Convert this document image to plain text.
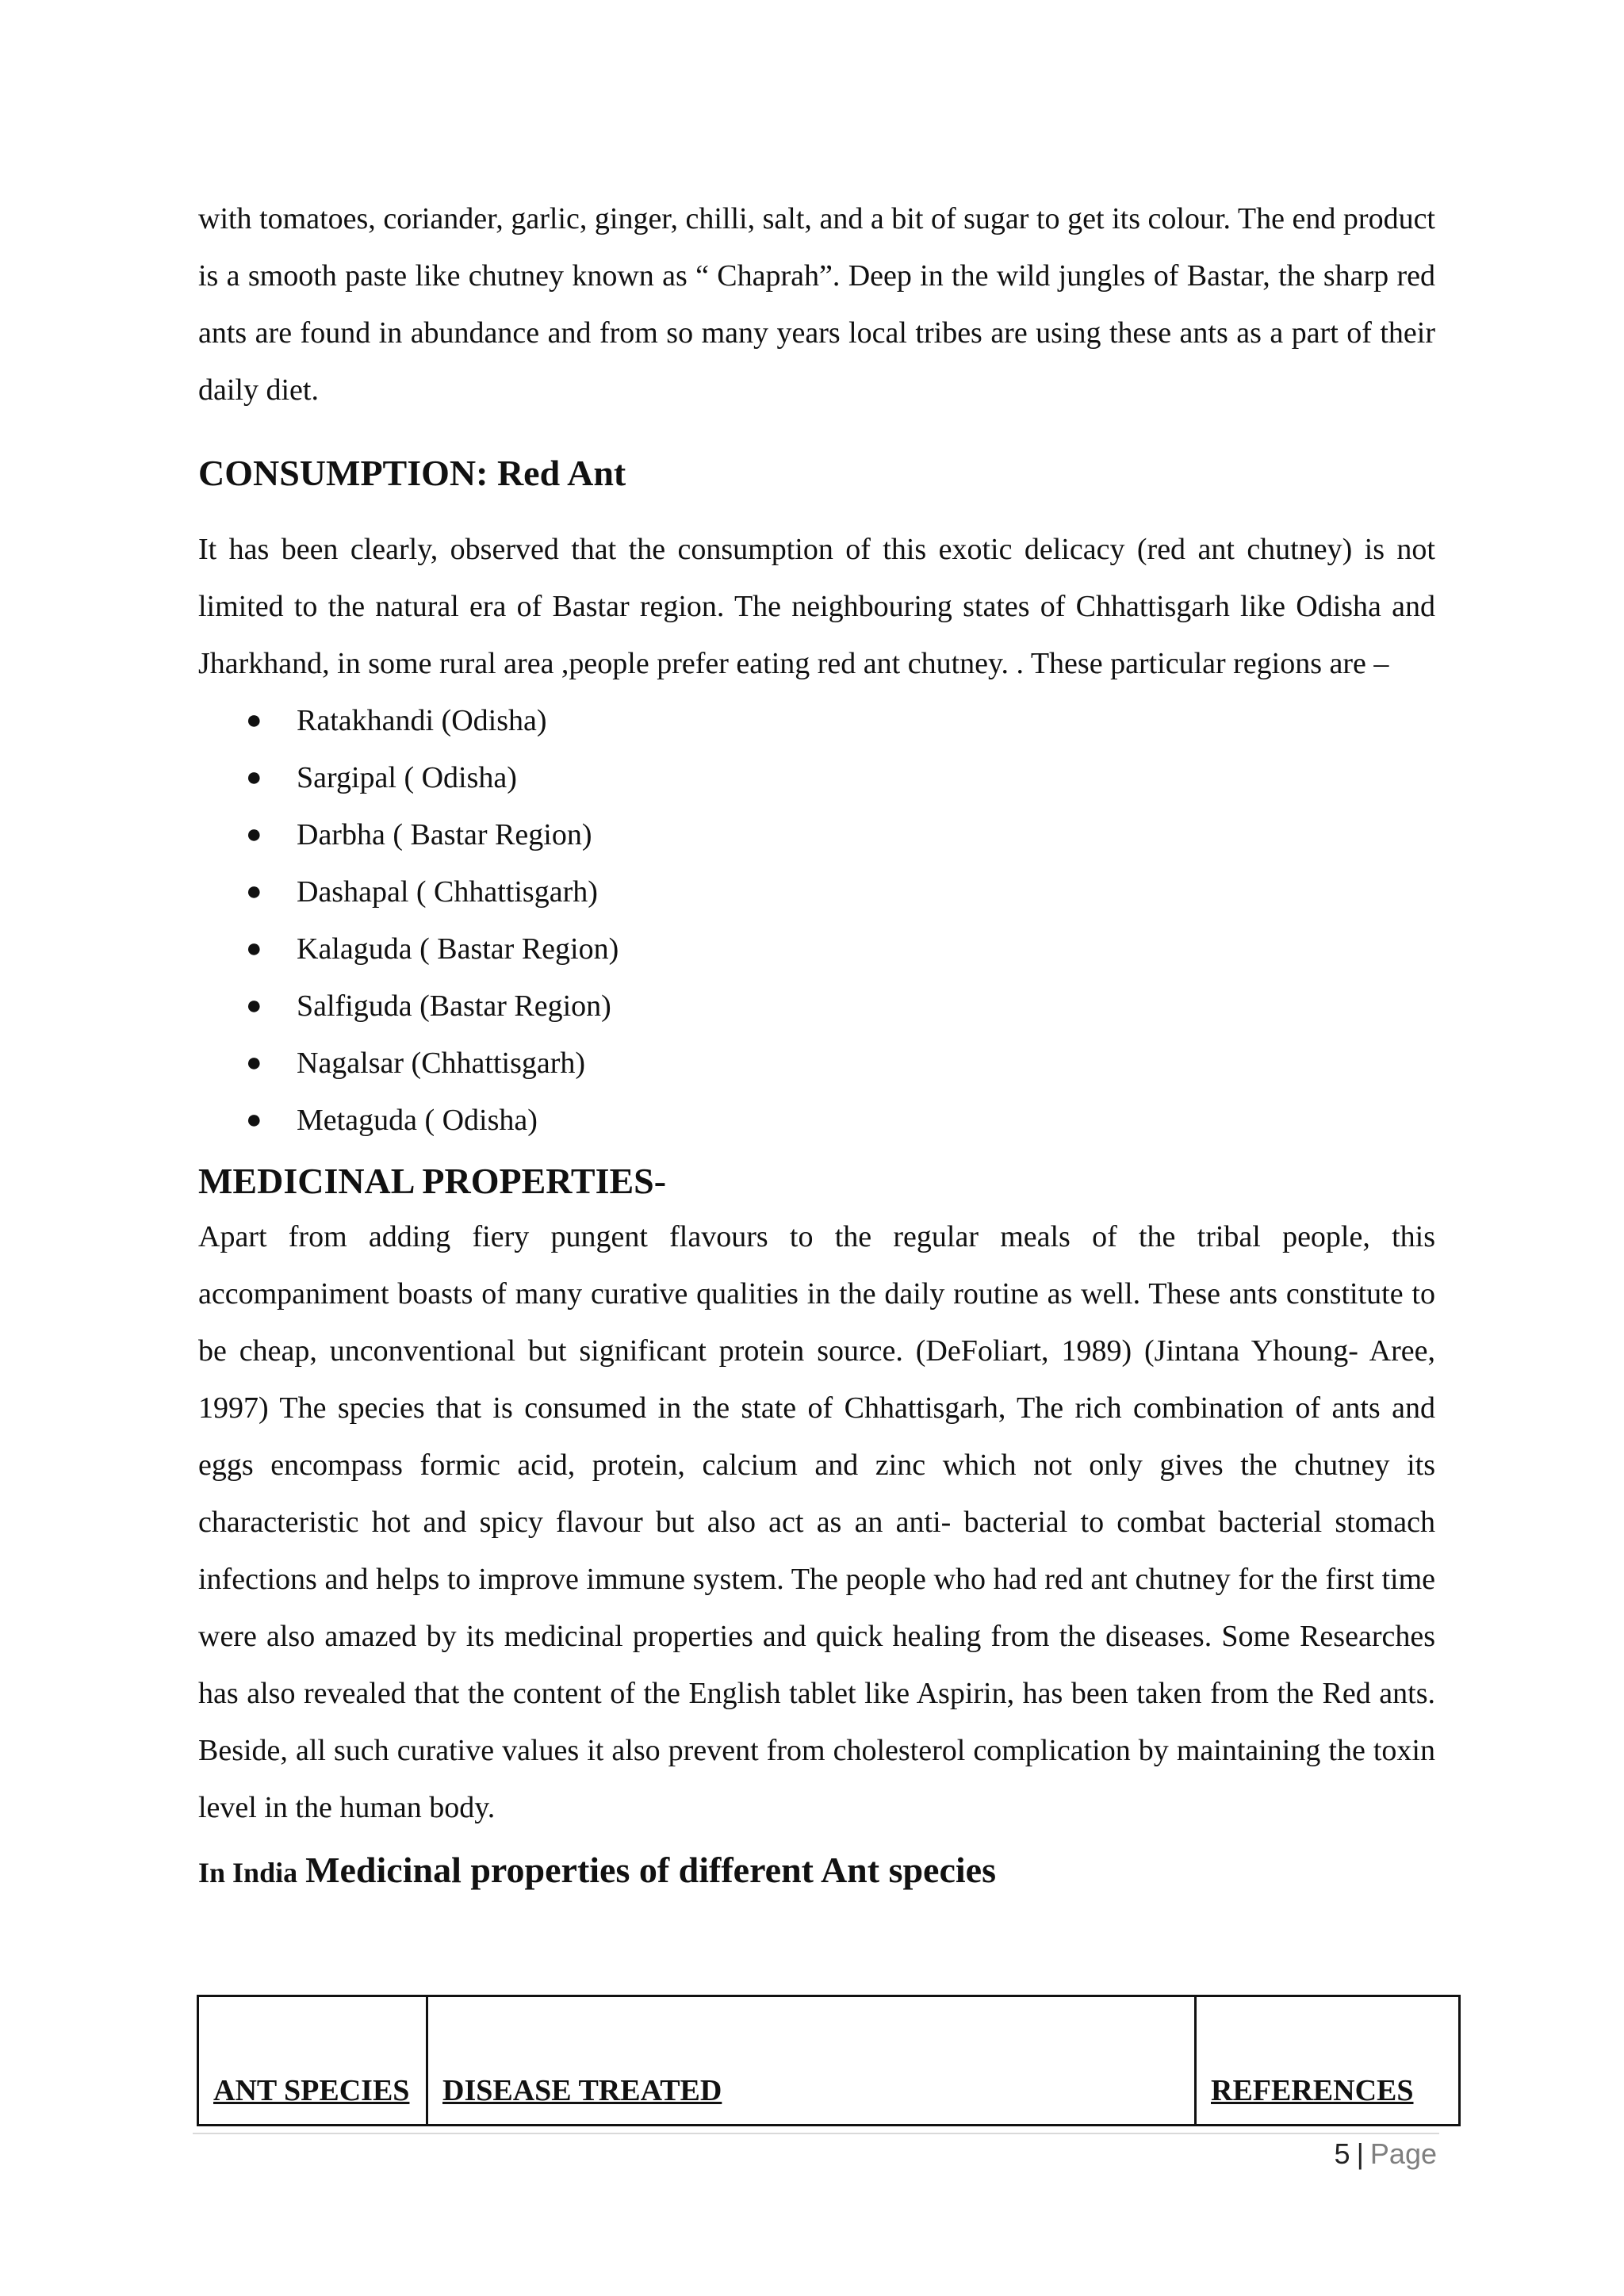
with tomatoes, coriander, garlic, ginger, chilli, salt, and a bit of sugar to get its colour. The end product is a smooth paste like chutney known as “ Chaprah”. Deep in the wild jungles of Bastar, the sharp red ants are found in abundance and from so many years local tribes are using these ants as a part of their daily diet.

CONSUMPTION: Red Ant

It has been clearly, observed that the consumption of this exotic delicacy (red ant chutney) is not limited to the natural era of Bastar region. The neighbouring states of Chhattisgarh like Odisha and Jharkhand, in some rural area ,people prefer eating red ant chutney. . These particular regions are –

● Ratakhandi (Odisha)
● Sargipal ( Odisha)
● Darbha ( Bastar Region)
● Dashapal ( Chhattisgarh)
● Kalaguda ( Bastar Region)
● Salfiguda (Bastar Region)
● Nagalsar (Chhattisgarh)
● Metaguda ( Odisha)
MEDICINAL PROPERTIES-

Apart from adding fiery pungent flavours to the regular meals of the tribal people, this accompaniment boasts of many curative qualities in the daily routine as well. These ants constitute to be cheap, unconventional but significant protein source. (DeFoliart, 1989) (Jintana Yhoung- Aree, 1997) The species that is consumed in the state of Chhattisgarh, The rich combination of ants and eggs encompass formic acid, protein, calcium and zinc which not only gives the chutney its characteristic hot and spicy flavour but also act as an anti- bacterial to combat bacterial stomach infections and helps to improve immune system. The people who had red ant chutney for the first time were also amazed by its medicinal properties and quick healing from the diseases. Some Researches has also revealed that the content of the English tablet like Aspirin, has been taken from the Red ants. Beside, all such curative values it also prevent from cholesterol complication by maintaining the toxin level in the human body.

In India Medicinal properties of different Ant species
ANT SPECIES	DISEASE TREATED	REFERENCES
5 | Page
